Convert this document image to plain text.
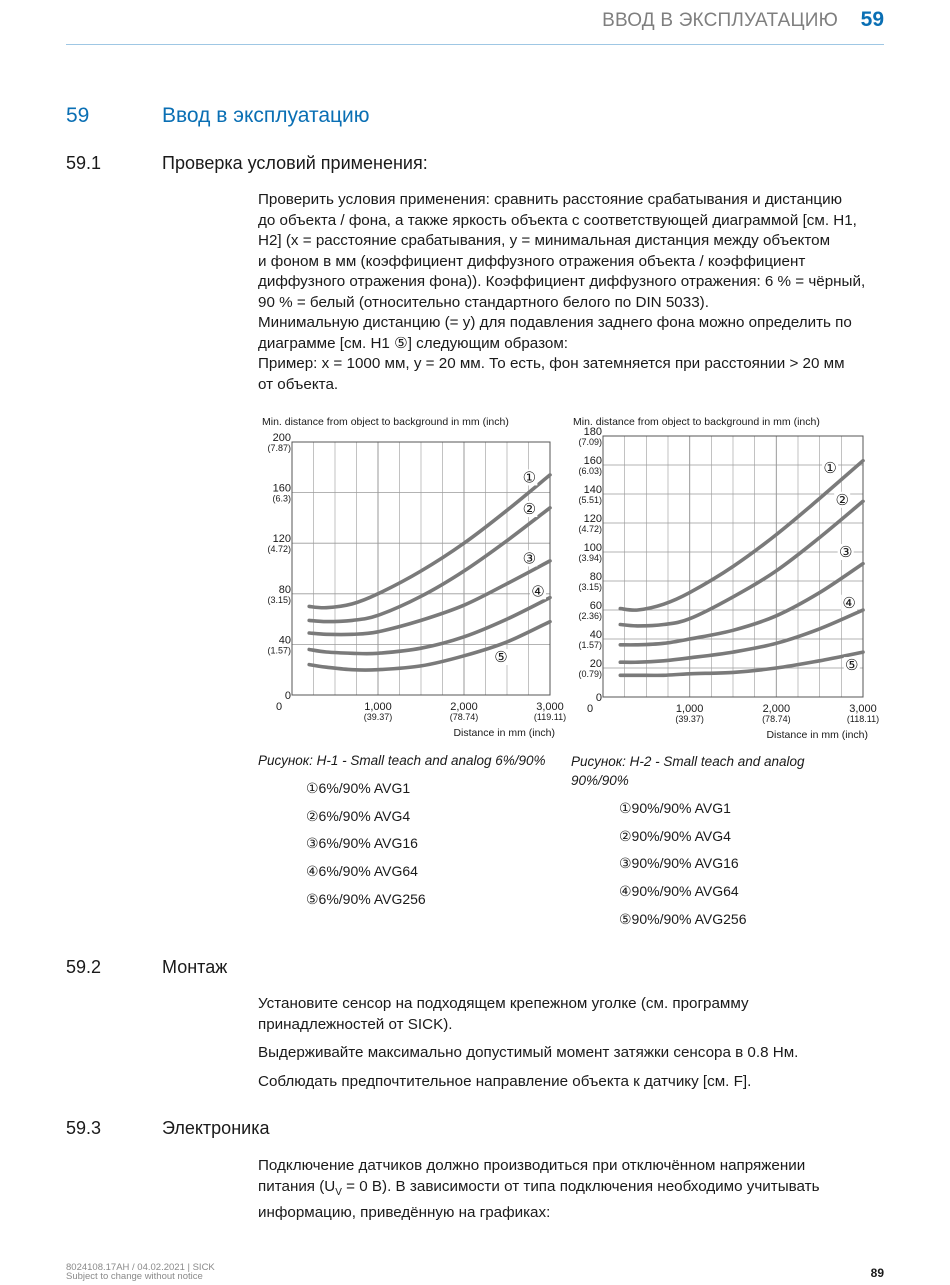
ВВОД В ЭКСПЛУАТАЦИЮ 59
59	Ввод в эксплуатацию
59.1	Проверка условий применения:

Проверить условия применения: сравнить расстояние срабатывания и дистанцию

до объекта / фона, а также яркость объекта с соответствующей диаграммой [см. H1,

H2] (x = расстояние срабатывания, y = минимальная дистанция между объектом

и фоном в мм (коэффициент диффузного отражения объекта / коэффициент

диффузного отражения фона)). Коэффициент диффузного отражения: 6 % = чёрный,

90 % = белый (относительно стандартного белого по DIN 5033).

Минимальную дистанцию (= y) для подавления заднего фона можно определить по

диаграмме [см. H1 ⑤] следующим образом:

Пример: x = 1000 мм, y = 20 мм. То есть, фон затемняется при расстоянии > 20 мм

от объекта.

Min. distance from object to background in mm (inch)
0
40
(1.57)
80
(3.15)
120
(4.72)
160
(6.3)
200
(7.87)
0	1,000
(39.37)
2,000
(78.74)
3,000
(119.11)
Distance in mm (inch)
①
②
③
④
⑤
Min. distance from object to background in mm (inch)
0
20
(0.79)
40
(1.57)
60
(2.36)
80
(3.15)
100
(3.94)
120
(4.72)
140
(5.51)
160
(6.03)
180
(7.09)
0	1,000
(39.37)
2,000
(78.74)
3,000
(118.11)
Distance in mm (inch)
①
②
③
④
⑤
Рисунок: H-1 - Small teach and analog 6%/90%
①6%/90% AVG1
②6%/90% AVG4
③6%/90% AVG16
④6%/90% AVG64
⑤6%/90% AVG256
Рисунок: H-2 - Small teach and analog
90%/90%
①90%/90% AVG1
②90%/90% AVG4
③90%/90% AVG16
④90%/90% AVG64
⑤90%/90% AVG256
59.2	Монтаж

Установите сенсор на подходящем крепежном уголке (см. программу

принадлежностей от SICK).

Выдерживайте максимально допустимый момент затяжки сенсора в 0.8 Нм.
Соблюдать предпочтительное направление объекта к датчику [см. F].
59.3	Электроника

Подключение датчиков должно производиться при отключённом напряжении

питания ($U_V = 0$ В). В зависимости от типа подключения необходимо учитывать

информацию, приведённую на графиках:

8024108.17AH / 04.02.2021 | SICK
Subject to change without notice	89
